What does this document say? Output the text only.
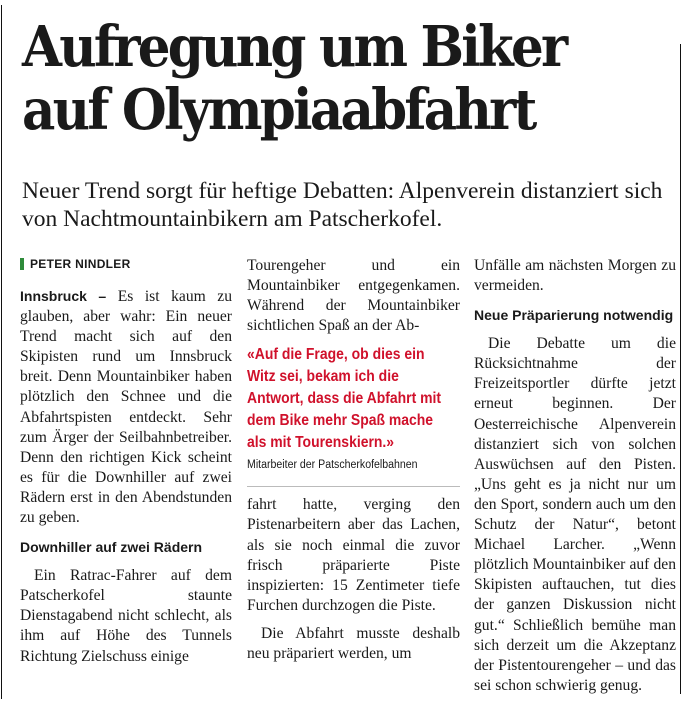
Aufregung um Biker
auf Olympiaabfahrt
Neuer Trend sorgt für heftige Debatten: Alpenverein distanziert sich von Nachtmountainbikern am Patscherkofel.
PETER NINDLER

Innsbruck – Es ist kaum zu glauben, aber wahr: Ein neuer Trend macht sich auf den Skipisten rund um Innsbruck breit. Denn Mountainbiker haben plötzlich den Schnee und die Abfahrtspisten entdeckt. Sehr zum Ärger der Seilbahnbetreiber. Denn den richtigen Kick scheint es für die Downhiller auf zwei Rädern erst in den Abendstunden zu geben.

Downhiller auf zwei Rädern

Ein Ratrac-Fahrer auf dem Patscherkofel staunte Dienstagabend nicht schlecht, als ihm auf Höhe des Tunnels Richtung Zielschuss einige

Tourengeher und ein Mountainbiker entgegenkamen. Während der Mountainbiker sichtlichen Spaß an der Ab-

«Auf die Frage, ob dies ein Witz sei, bekam ich die Antwort, dass die Abfahrt mit dem Bike mehr Spaß mache als mit Tourenskiern.»
Mitarbeiter der Patscherkofelbahnen

fahrt hatte, verging den Pistenarbeitern aber das Lachen, als sie noch einmal die zuvor frisch präparierte Piste inspizierten: 15 Zentimeter tiefe Furchen durchzogen die Piste.

Die Abfahrt musste deshalb neu präpariert werden, um

Unfälle am nächsten Morgen zu vermeiden.

Neue Präparierung notwendig

Die Debatte um die Rücksichtnahme der Freizeitsportler dürfte jetzt erneut beginnen. Der Oesterreichische Alpenverein distanziert sich von solchen Auswüchsen auf den Pisten. „Uns geht es ja nicht nur um den Sport, sondern auch um den Schutz der Natur“, betont Michael Larcher. „Wenn plötzlich Mountainbiker auf den Skipisten auftauchen, tut dies der ganzen Diskussion nicht gut.“ Schließlich bemühe man sich derzeit um die Akzeptanz der Pistentourengeher – und das sei schon schwierig genug.
